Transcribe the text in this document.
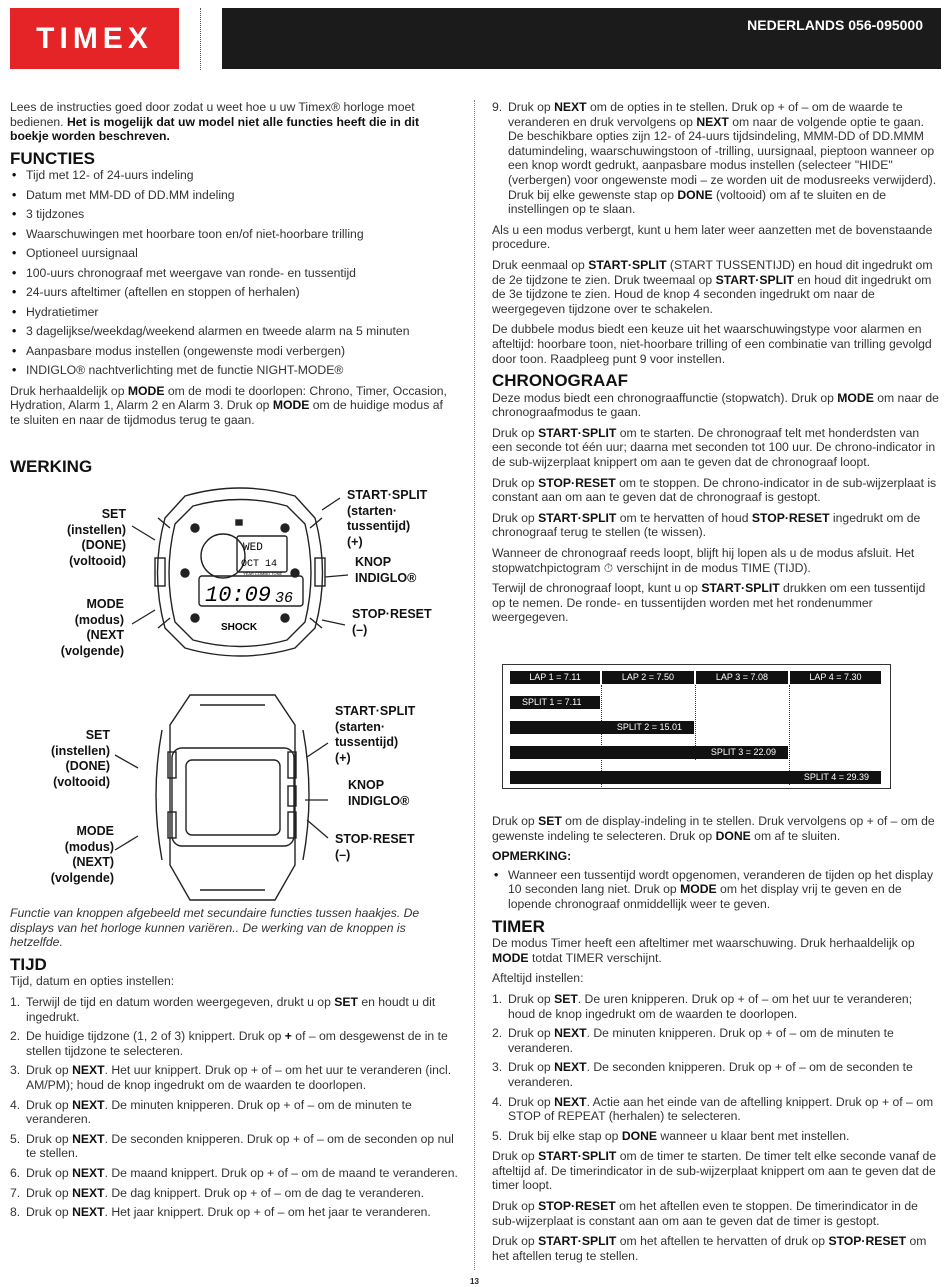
TIMEX	NEDERLANDS 056-095000

Lees de instructies goed door zodat u weet hoe u uw Timex® horloge moet bedienen. Het is mogelijk dat uw model niet alle functies heeft die in dit boekje worden beschreven.

FUNCTIES
• Tijd met 12- of 24-uurs indeling
• Datum met MM-DD of DD.MM indeling
• 3 tijdzones
• Waarschuwingen met hoorbare toon en/of niet-hoorbare trilling
• Optioneel uursignaal
• 100-uurs chronograaf met weergave van ronde- en tussentijd
• 24-uurs afteltimer (aftellen en stoppen of herhalen)
• Hydratietimer
• 3 dagelijkse/weekdag/weekend alarmen en tweede alarm na 5 minuten
• Aanpasbare modus instellen (ongewenste modi verbergen)
• INDIGLO® nachtverlichting met de functie NIGHT-MODE®

Druk herhaaldelijk op MODE om de modi te doorlopen: Chrono, Timer, Occasion, Hydration, Alarm 1, Alarm 2 en Alarm 3. Druk op MODE om de huidige modus af te sluiten en naar de tijdmodus terug te gaan.

WERKING
SET
(instellen)
(DONE)
(voltooid)
MODE
(modus)
(NEXT
(volgende)
START·SPLIT
(starten·
tussentijd)
(+)
KNOP
INDIGLO®
STOP·RESET
(–)
WED
OCT 14
10:09 36
YEAR COMBO TONE
SHOCK
SET
(instellen)
(DONE)
(voltooid)
MODE
(modus)
(NEXT)
(volgende)
START·SPLIT
(starten·
tussentijd)
(+)
KNOP
INDIGLO®
STOP·RESET
(–)

Functie van knoppen afgebeeld met secundaire functies tussen haakjes. De displays van het horloge kunnen variëren.. De werking van de knoppen is hetzelfde.

TIJD

Tijd, datum en opties instellen:

1. Terwijl de tijd en datum worden weergegeven, drukt u op SET en houdt u dit ingedrukt.
2. De huidige tijdzone (1, 2 of 3) knippert. Druk op + of – om desgewenst de in te stellen tijdzone te selecteren.
3. Druk op NEXT. Het uur knippert. Druk op + of – om het uur te veranderen (incl. AM/PM); houd de knop ingedrukt om de waarden te doorlopen.
4. Druk op NEXT. De minuten knipperen. Druk op + of – om de minuten te veranderen.
5. Druk op NEXT. De seconden knipperen. Druk op + of – om de seconden op nul te stellen.
6. Druk op NEXT. De maand knippert. Druk op + of – om de maand te veranderen.
7. Druk op NEXT. De dag knippert. Druk op + of – om de dag te veranderen.
8. Druk op NEXT. Het jaar knippert. Druk op + of – om het jaar te veranderen.
9. Druk op NEXT om de opties in te stellen. Druk op + of – om de waarde te veranderen en druk vervolgens op NEXT om naar de volgende optie te gaan. De beschikbare opties zijn 12- of 24-uurs tijdsindeling, MMM-DD of DD.MMM datumindeling, waarschuwingstoon of -trilling, uursignaal, pieptoon wanneer op een knop wordt gedrukt, aanpasbare modus instellen (selecteer "HIDE" (verbergen) voor ongewenste modi – ze worden uit de modusreeks verwijderd). Druk bij elke gewenste stap op DONE (voltooid) om af te sluiten en de instellingen op te slaan.

Als u een modus verbergt, kunt u hem later weer aanzetten met de bovenstaande procedure.

Druk eenmaal op START·SPLIT (START TUSSENTIJD) en houd dit ingedrukt om de 2e tijdzone te zien. Druk tweemaal op START·SPLIT en houd dit ingedrukt om de 3e tijdzone te zien. Houd de knop 4 seconden ingedrukt om naar de weergegeven tijdzone over te schakelen.

De dubbele modus biedt een keuze uit het waarschuwingstype voor alarmen en afteltijd: hoorbare toon, niet-hoorbare trilling of een combinatie van trilling gevolgd door toon. Raadpleeg punt 9 voor instellen.

CHRONOGRAAF

Deze modus biedt een chronograaffunctie (stopwatch). Druk op MODE om naar de chronograafmodus te gaan.

Druk op START·SPLIT om te starten. De chronograaf telt met honderdsten van een seconde tot één uur; daarna met seconden tot 100 uur. De chrono-indicator in de sub-wijzerplaat knippert om aan te geven dat de chronograaf loopt.

Druk op STOP·RESET om te stoppen. De chrono-indicator in de sub-wijzerplaat is constant aan om aan te geven dat de chronograaf is gestopt.

Druk op START·SPLIT om te hervatten of houd STOP·RESET ingedrukt om de chronograaf terug te stellen (te wissen).

Wanneer de chronograaf reeds loopt, blijft hij lopen als u de modus afsluit. Het stopwatchpictogram ⏱ verschijnt in de modus TIME (TIJD).

Terwijl de chronograaf loopt, kunt u op START·SPLIT drukken om een tussentijd op te nemen. De ronde- en tussentijden worden met het rondenummer weergegeven.

LAP 1 = 7.11	LAP 2 = 7.50	LAP 3 = 7.08	LAP 4 = 7.30
SPLIT 1 = 7.11
SPLIT 2 = 15.01
SPLIT 3 = 22.09
SPLIT 4 = 29.39

Druk op SET om de display-indeling in te stellen. Druk vervolgens op + of – om de gewenste indeling te selecteren. Druk op DONE om af te sluiten.

OPMERKING:

• Wanneer een tussentijd wordt opgenomen, veranderen de tijden op het display 10 seconden lang niet. Druk op MODE om het display vrij te geven en de lopende chronograaf onmiddellijk weer te geven.
TIMER

De modus Timer heeft een afteltimer met waarschuwing. Druk herhaaldelijk op MODE totdat TIMER verschijnt.

Afteltijd instellen:

1. Druk op SET. De uren knipperen. Druk op + of – om het uur te veranderen; houd de knop ingedrukt om de waarden te doorlopen.
2. Druk op NEXT. De minuten knipperen. Druk op + of – om de minuten te veranderen.
3. Druk op NEXT. De seconden knipperen. Druk op + of – om de seconden te veranderen.
4. Druk op NEXT. Actie aan het einde van de aftelling knippert. Druk op + of – om STOP of REPEAT (herhalen) te selecteren.
5. Druk bij elke stap op DONE wanneer u klaar bent met instellen.

Druk op START·SPLIT om de timer te starten. De timer telt elke seconde vanaf de afteltijd af. De timerindicator in de sub-wijzerplaat knippert om aan te geven dat de timer loopt.

Druk op STOP·RESET om het aftellen even te stoppen. De timerindicator in de sub-wijzerplaat is constant aan om aan te geven dat de timer is gestopt.

Druk op START·SPLIT om het aftellen te hervatten of druk op STOP·RESET om het aftellen terug te stellen.

13
